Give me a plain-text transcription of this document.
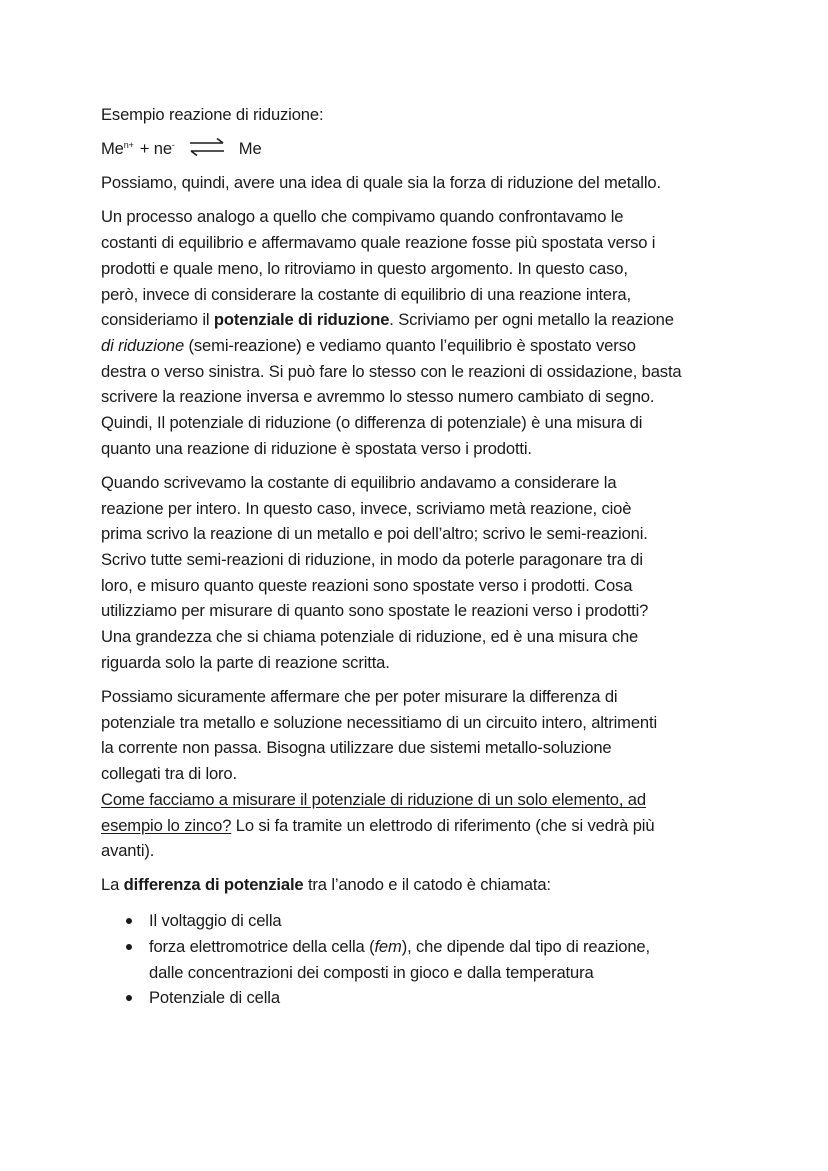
Esempio reazione di riduzione:

$Me^{n+} + ne^-$ ⇌ Me

Possiamo, quindi, avere una idea di quale sia la forza di riduzione del metallo.

Un processo analogo a quello che compivamo quando confrontavamo le
costanti di equilibrio e affermavamo quale reazione fosse più spostata verso i
prodotti e quale meno, lo ritroviamo in questo argomento. In questo caso,
però, invece di considerare la costante di equilibrio di una reazione intera,
consideriamo il potenziale di riduzione. Scriviamo per ogni metallo la reazione
di riduzione (semi-reazione) e vediamo quanto l’equilibrio è spostato verso
destra o verso sinistra. Si può fare lo stesso con le reazioni di ossidazione, basta
scrivere la reazione inversa e avremmo lo stesso numero cambiato di segno.
Quindi, Il potenziale di riduzione (o differenza di potenziale) è una misura di
quanto una reazione di riduzione è spostata verso i prodotti.

Quando scrivevamo la costante di equilibrio andavamo a considerare la
reazione per intero. In questo caso, invece, scriviamo metà reazione, cioè
prima scrivo la reazione di un metallo e poi dell’altro; scrivo le semi-reazioni.
Scrivo tutte semi-reazioni di riduzione, in modo da poterle paragonare tra di
loro, e misuro quanto queste reazioni sono spostate verso i prodotti. Cosa
utilizziamo per misurare di quanto sono spostate le reazioni verso i prodotti?
Una grandezza che si chiama potenziale di riduzione, ed è una misura che
riguarda solo la parte di reazione scritta.

Possiamo sicuramente affermare che per poter misurare la differenza di
potenziale tra metallo e soluzione necessitiamo di un circuito intero, altrimenti
la corrente non passa. Bisogna utilizzare due sistemi metallo-soluzione
collegati tra di loro.
Come facciamo a misurare il potenziale di riduzione di un solo elemento, ad
esempio lo zinco? Lo si fa tramite un elettrodo di riferimento (che si vedrà più
avanti).

La differenza di potenziale tra l’anodo e il catodo è chiamata:

Il voltaggio di cella
forza elettromotrice della cella (fem), che dipende dal tipo di reazione,
dalle concentrazioni dei composti in gioco e dalla temperatura
Potenziale di cella
